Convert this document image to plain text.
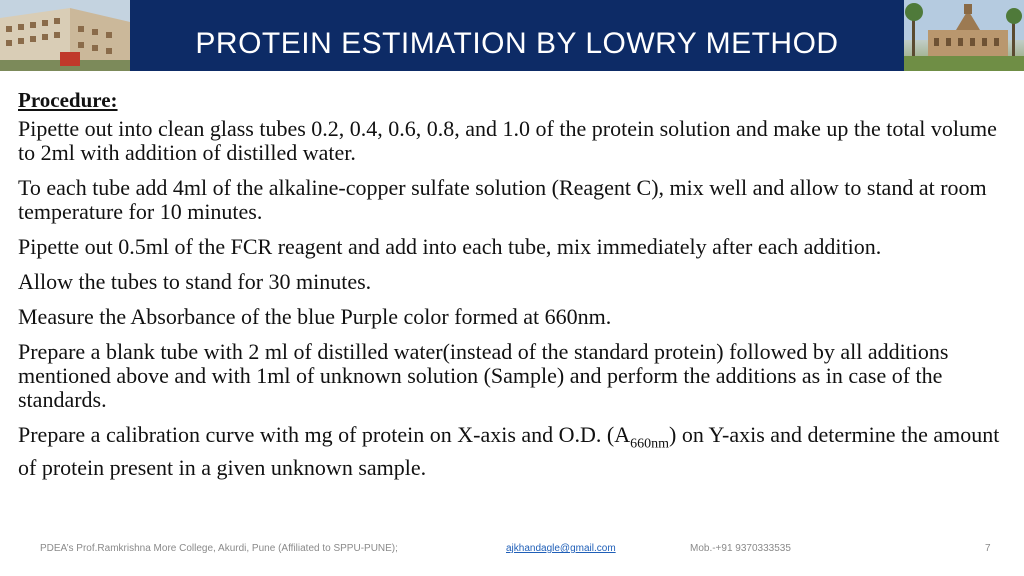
PROTEIN ESTIMATION BY LOWRY METHOD
Procedure:

Pipette out into clean glass tubes 0.2, 0.4, 0.6, 0.8, and 1.0 of the protein solution and make up the total volume to 2ml with addition of distilled water.

To each tube add 4ml of the alkaline-copper sulfate solution (Reagent C), mix well and allow to stand at room temperature for 10 minutes.

Pipette out 0.5ml of the FCR reagent and add into each tube, mix immediately after each addition.

Allow the tubes to stand for 30 minutes.

Measure the Absorbance of the blue Purple color formed at 660nm.

Prepare a blank tube with 2 ml of distilled water(instead of the standard protein) followed by all additions mentioned above and with 1ml of unknown solution (Sample) and perform the additions as in case of the standards.

Prepare a calibration curve with mg of protein on X-axis and O.D. $(A_{660nm})$ on Y-axis and determine the amount of protein present in a given unknown sample.

PDEA’s Prof.Ramkrishna More College, Akurdi, Pune (Affiliated to SPPU-PUNE);	ajkhandagle@gmail.com	Mob.-+91 9370333535	7
